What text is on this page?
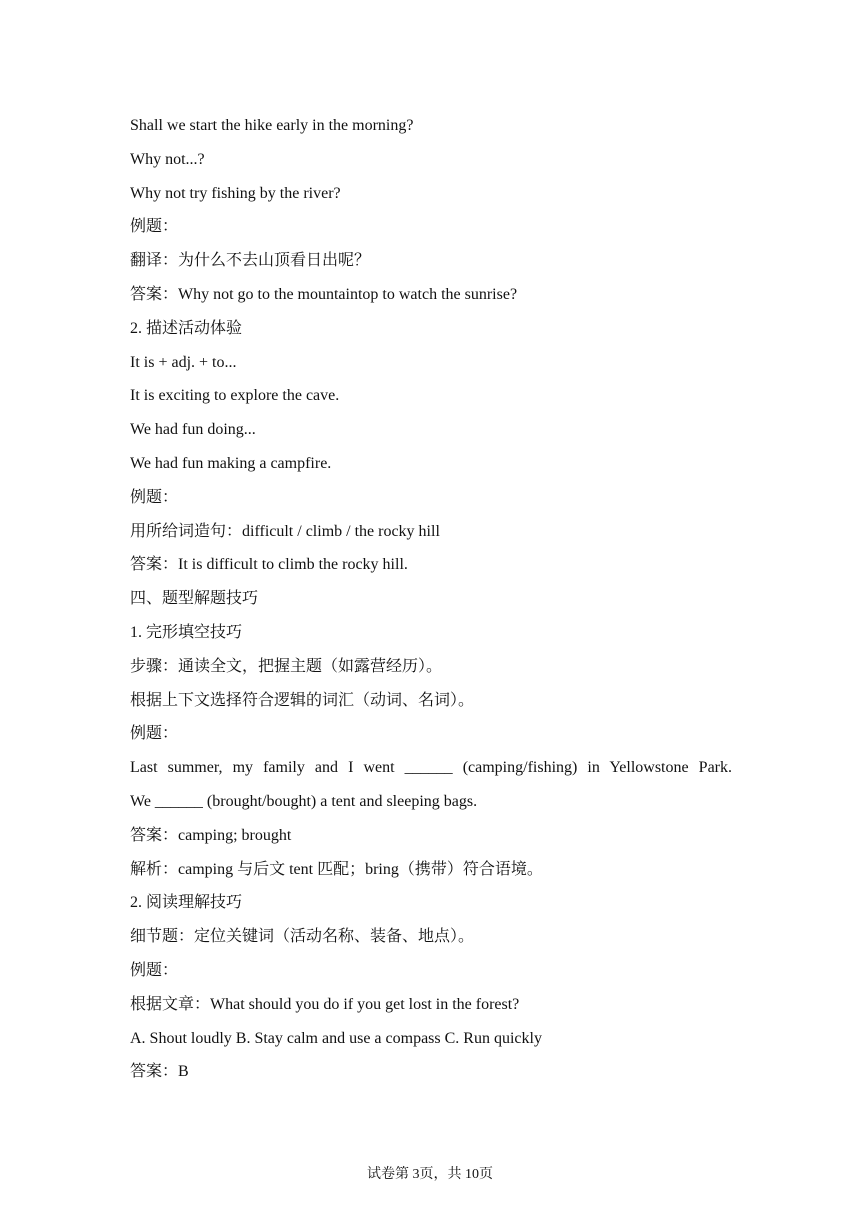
Shall we start the hike early in the morning?
Why not...?
Why not try fishing by the river?
例题：
翻译：为什么不去山顶看日出呢？
答案：Why not go to the mountaintop to watch the sunrise?
2. 描述活动体验
It is + adj. + to...
It is exciting to explore the cave.
We had fun doing...
We had fun making a campfire.
例题：
用所给词造句：difficult / climb / the rocky hill
答案：It is difficult to climb the rocky hill.
四、题型解题技巧
1. 完形填空技巧
步骤：通读全文，把握主题（如露营经历）。
根据上下文选择符合逻辑的词汇（动词、名词）。
例题：
Last summer, my family and I went ______ (camping/fishing) in Yellowstone Park.
We ______ (brought/bought) a tent and sleeping bags.
答案：camping; brought
解析：camping 与后文 tent 匹配；bring（携带）符合语境。
2. 阅读理解技巧
细节题：定位关键词（活动名称、装备、地点）。
例题：
根据文章：What should you do if you get lost in the forest?
A. Shout loudly B. Stay calm and use a compass C. Run quickly
答案：B
试卷第 3页，共 10页
